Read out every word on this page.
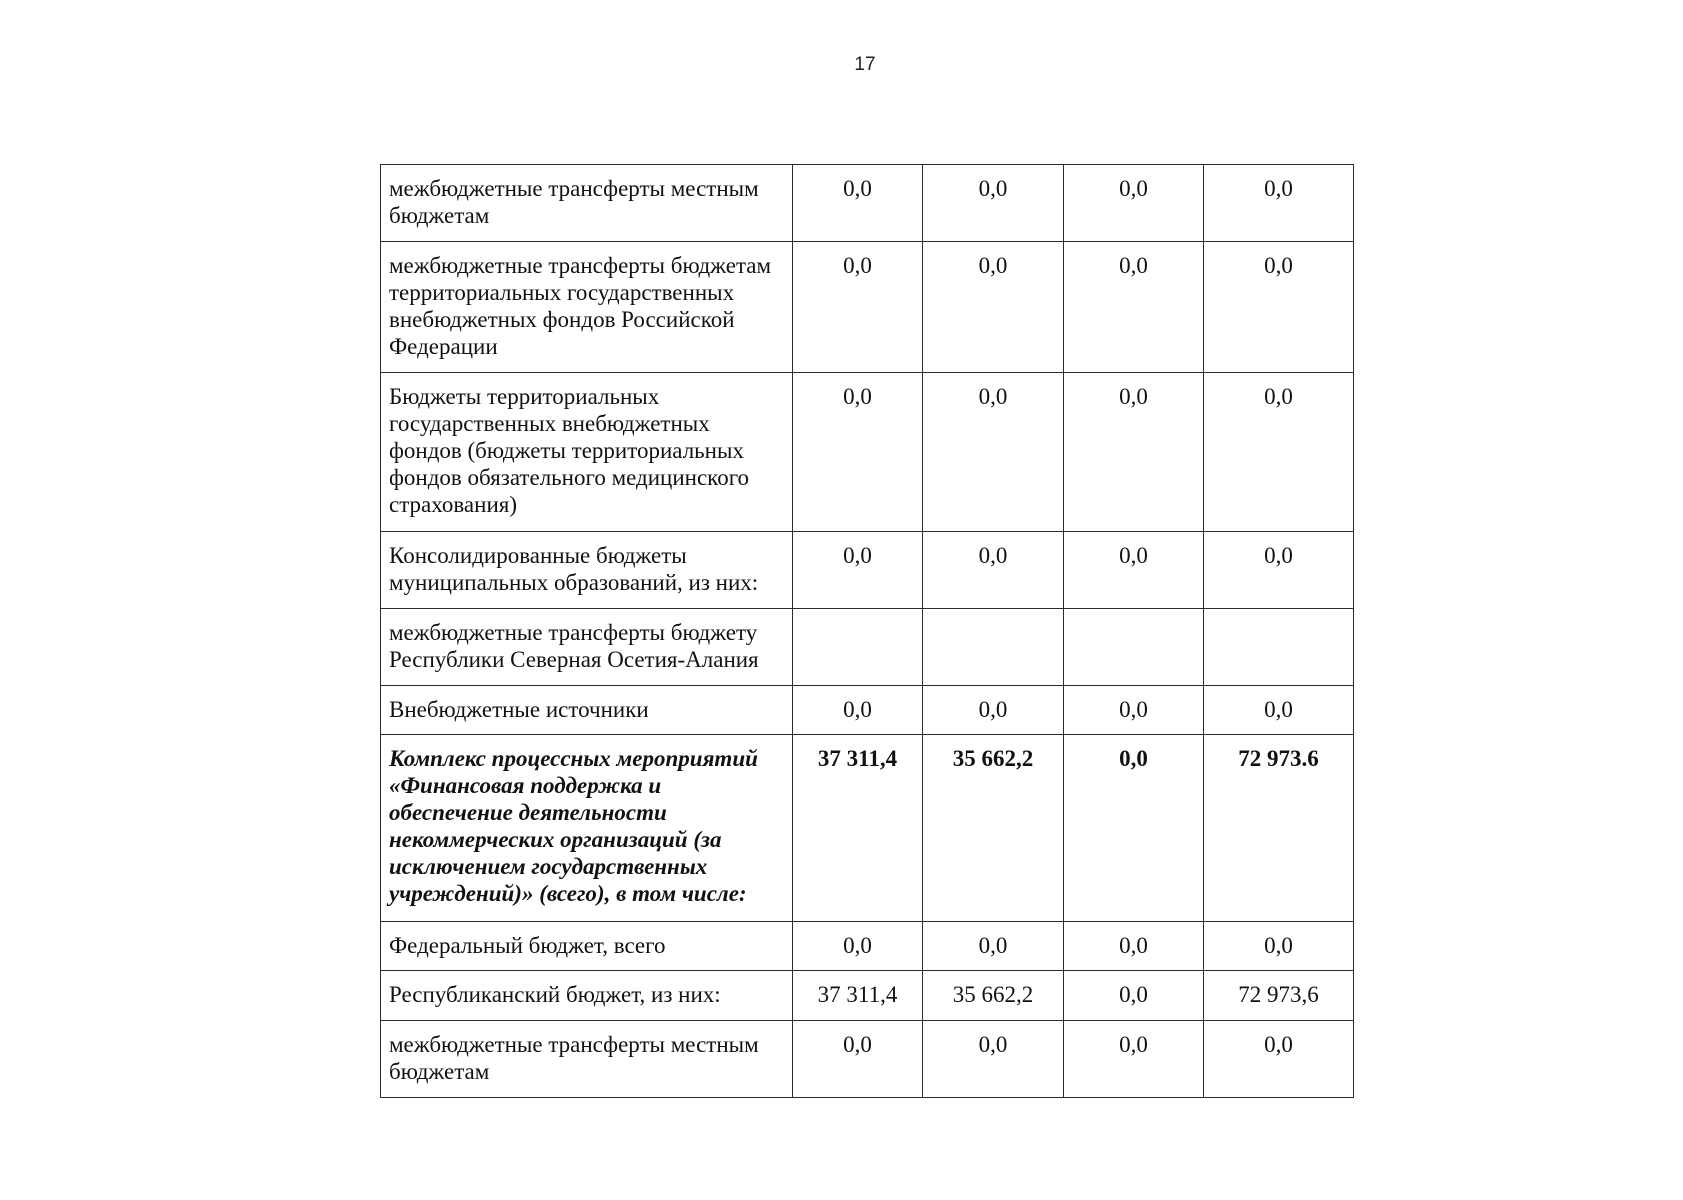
17
межбюджетные трансферты местным бюджетам	0,0	0,0	0,0	0,0
межбюджетные трансферты бюджетам территориальных государственных внебюджетных фондов Российской Федерации	0,0	0,0	0,0	0,0
Бюджеты территориальных государственных внебюджетных фондов (бюджеты территориальных фондов обязательного медицинского страхования)	0,0	0,0	0,0	0,0
Консолидированные бюджеты муниципальных образований, из них:	0,0	0,0	0,0	0,0
межбюджетные трансферты бюджету Республики Северная Осетия-Алания				
Внебюджетные источники	0,0	0,0	0,0	0,0
Комплекс процессных мероприятий «Финансовая поддержка и обеспечение деятельности некоммерческих организаций (за исключением государственных учреждений)» (всего), в том числе:	37 311,4	35 662,2	0,0	72 973.6
Федеральный бюджет, всего	0,0	0,0	0,0	0,0
Республиканский бюджет, из них:	37 311,4	35 662,2	0,0	72 973,6
межбюджетные трансферты местным бюджетам	0,0	0,0	0,0	0,0
